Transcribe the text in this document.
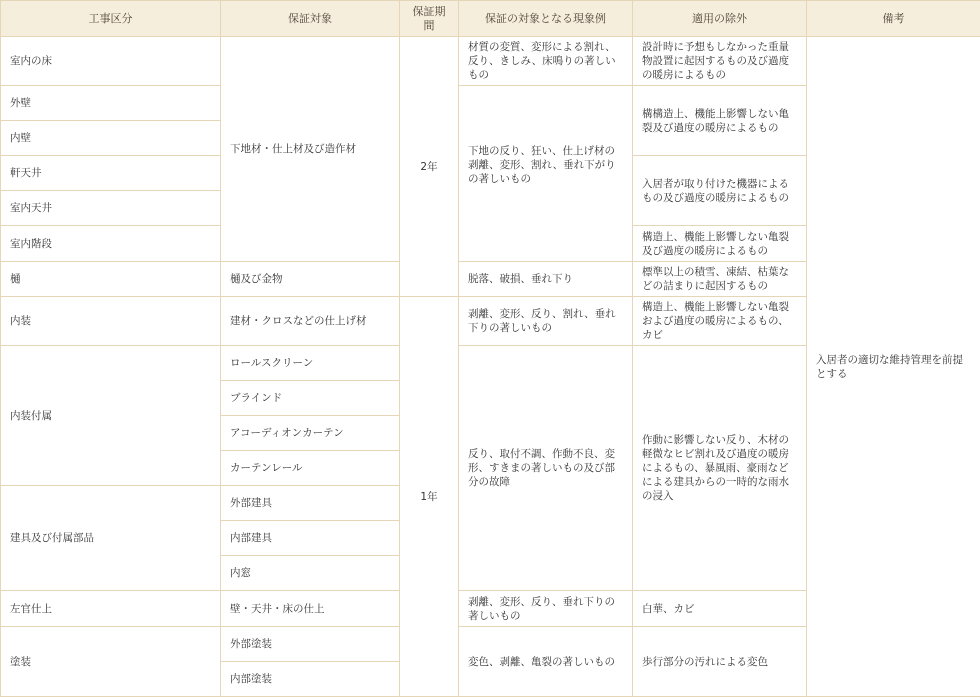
工事区分	保証対象	保証期間	保証の対象となる現象例	適用の除外	備考
室内の床	下地材・仕上材及び造作材	2年	材質の変質、変形による割れ、反り、きしみ、床鳴りの著しいもの	設計時に予想もしなかった重量物設置に起因するもの及び過度の暖房によるもの	入居者の適切な維持管理を前提とする
外壁			下地の反り、狂い、仕上げ材の剥離、変形、割れ、垂れ下がりの著しいもの	構構造上、機能上影響しない亀裂及び過度の暖房によるもの	
内壁					
軒天井				入居者が取り付けた機器によるもの及び過度の暖房によるもの	
室内天井					
室内階段				構造上、機能上影響しない亀裂及び過度の暖房によるもの	
樋	樋及び金物		脱落、破損、垂れ下り	標準以上の積雪、凍結、枯葉などの詰まりに起因するもの	
内装	建材・クロスなどの仕上げ材	1年	剥離、変形、反り、割れ、垂れ下りの著しいもの	構造上、機能上影響しない亀裂および過度の暖房によるもの、カビ	
内装付属	ロールスクリーン		反り、取付不調、作動不良、変形、すきまの著しいもの及び部分の故障	作動に影響しない反り、木材の軽微なヒビ割れ及び過度の暖房によるもの、暴風雨、豪雨などによる建具からの一時的な雨水の浸入	
	ブラインド				
	アコーディオンカーテン				
	カーテンレール				
建具及び付属部品	外部建具				
	内部建具				
	内窓				
左官仕上	壁・天井・床の仕上		剥離、変形、反り、垂れ下りの著しいもの	白華、カビ	
塗装	外部塗装		変色、剥離、亀裂の著しいもの	歩行部分の汚れによる変色	
	内部塗装				
